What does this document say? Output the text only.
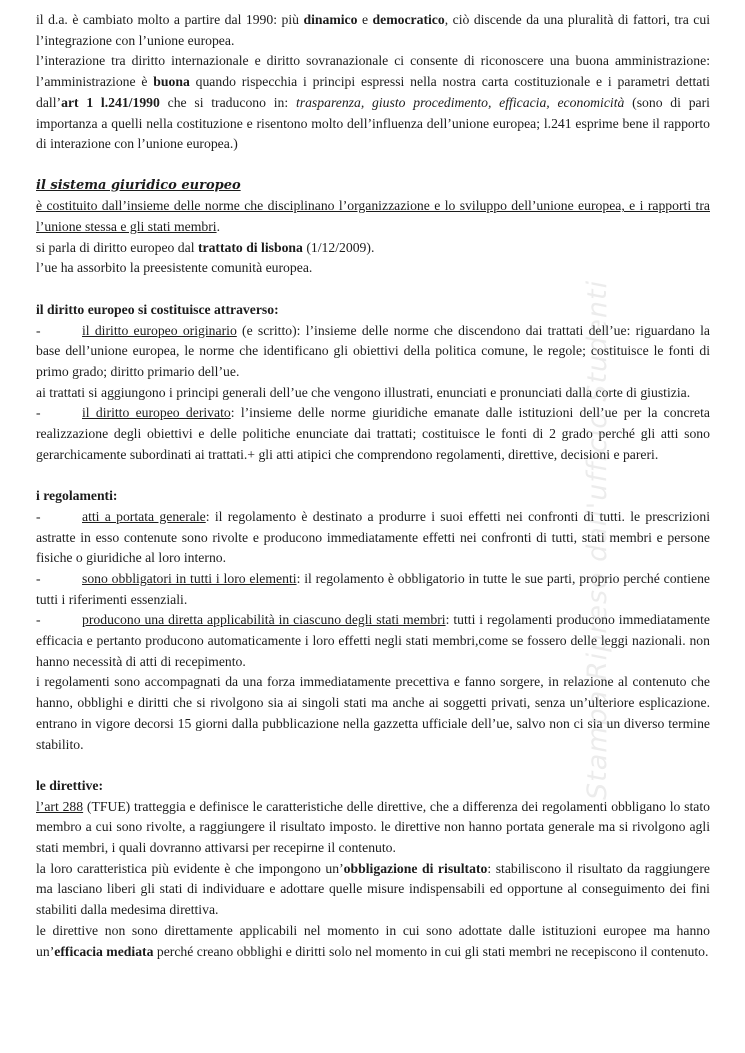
il d.a. è cambiato molto a partire dal 1990: più dinamico e democratico, ciò discende da una pluralità di fattori, tra cui l’integrazione con l’unione europea.

l’interazione tra diritto internazionale e diritto sovranazionale ci consente di riconoscere una buona amministrazione: l’amministrazione è buona quando rispecchia i principi espressi nella nostra carta costituzionale e i parametri dettati dall’art 1 l.241/1990 che si traducono in: trasparenza, giusto procedimento, efficacia, economicità (sono di pari importanza a quelli nella costituzione e risentono molto dell’influenza dell’unione europea; l.241 esprime bene il rapporto di interazione con l’unione europea.)

il sistema giuridico europeo

è costituito dall’insieme delle norme che disciplinano l’organizzazione e lo sviluppo dell’unione europea, e i rapporti tra l’unione stessa e gli stati membri.

si parla di diritto europeo dal trattato di lisbona (1/12/2009).

l’ue ha assorbito la preesistente comunità europea.

il diritto europeo si costituisce attraverso:

-	il diritto europeo originario (e scritto): l’insieme delle norme che discendono dai trattati dell’ue: riguardano la base dell’unione europea, le norme che identificano gli obiettivi della politica comune, le regole; costituisce le fonti di primo grado; diritto primario dell’ue.

ai trattati si aggiungono i principi generali dell’ue che vengono illustrati, enunciati e pronunciati dalla corte di giustizia.

-	il diritto europeo derivato: l’insieme delle norme giuridiche emanate dalle istituzioni dell’ue per la concreta realizzazione degli obiettivi e delle politiche enunciate dai trattati; costituisce le fonti di 2 grado perché gli atti sono gerarchicamente subordinati ai trattati.+ gli atti atipici che comprendono regolamenti, direttive, decisioni e pareri.

i regolamenti:

-	atti a portata generale: il regolamento è destinato a produrre i suoi effetti nei confronti di tutti. le prescrizioni astratte in esso contenute sono rivolte e producono immediatamente effetti nei confronti di tutti, stati membri e persone fisiche o giuridiche al loro interno.

-	sono obbligatori in tutti i loro elementi: il regolamento è obbligatorio in tutte le sue parti, proprio perché contiene tutti i riferimenti essenziali.

-	producono una diretta applicabilità in ciascuno degli stati membri: tutti i regolamenti producono immediatamente efficacia e pertanto producono automaticamente i loro effetti negli stati membri,come se fossero delle leggi nazionali. non hanno necessità di atti di recepimento.

i regolamenti sono accompagnati da una forza immediatamente precettiva e fanno sorgere, in relazione al contenuto che hanno, obblighi e diritti che si rivolgono sia ai singoli stati ma anche ai soggetti privati, senza un’ulteriore esplicazione. entrano in vigore decorsi 15 giorni dalla pubblicazione nella gazzetta ufficiale dell’ue, salvo non ci sia un diverso termine stabilito.

le direttive:

l’art 288 (TFUE) tratteggia e definisce le caratteristiche delle direttive, che a differenza dei regolamenti obbligano lo stato membro a cui sono rivolte, a raggiungere il risultato imposto. le direttive non hanno portata generale ma si rivolgono agli stati membri, i quali dovranno attivarsi per recepirne il contenuto.

la loro caratteristica più evidente è che impongono un’obbligazione di risultato: stabiliscono il risultato da raggiungere ma lasciano liberi gli stati di individuare e adottare quelle misure indispensabili ed opportune al conseguimento dei fini stabiliti dalla medesima direttiva.

le direttive non sono direttamente applicabili nel momento in cui sono adottate dalle istituzioni europee ma hanno un’efficacia mediata perché creano obblighi e diritti solo nel momento in cui gli stati membri ne recepiscono il contenuto.

Stampa Ripreso dall'ufficio Studenti
